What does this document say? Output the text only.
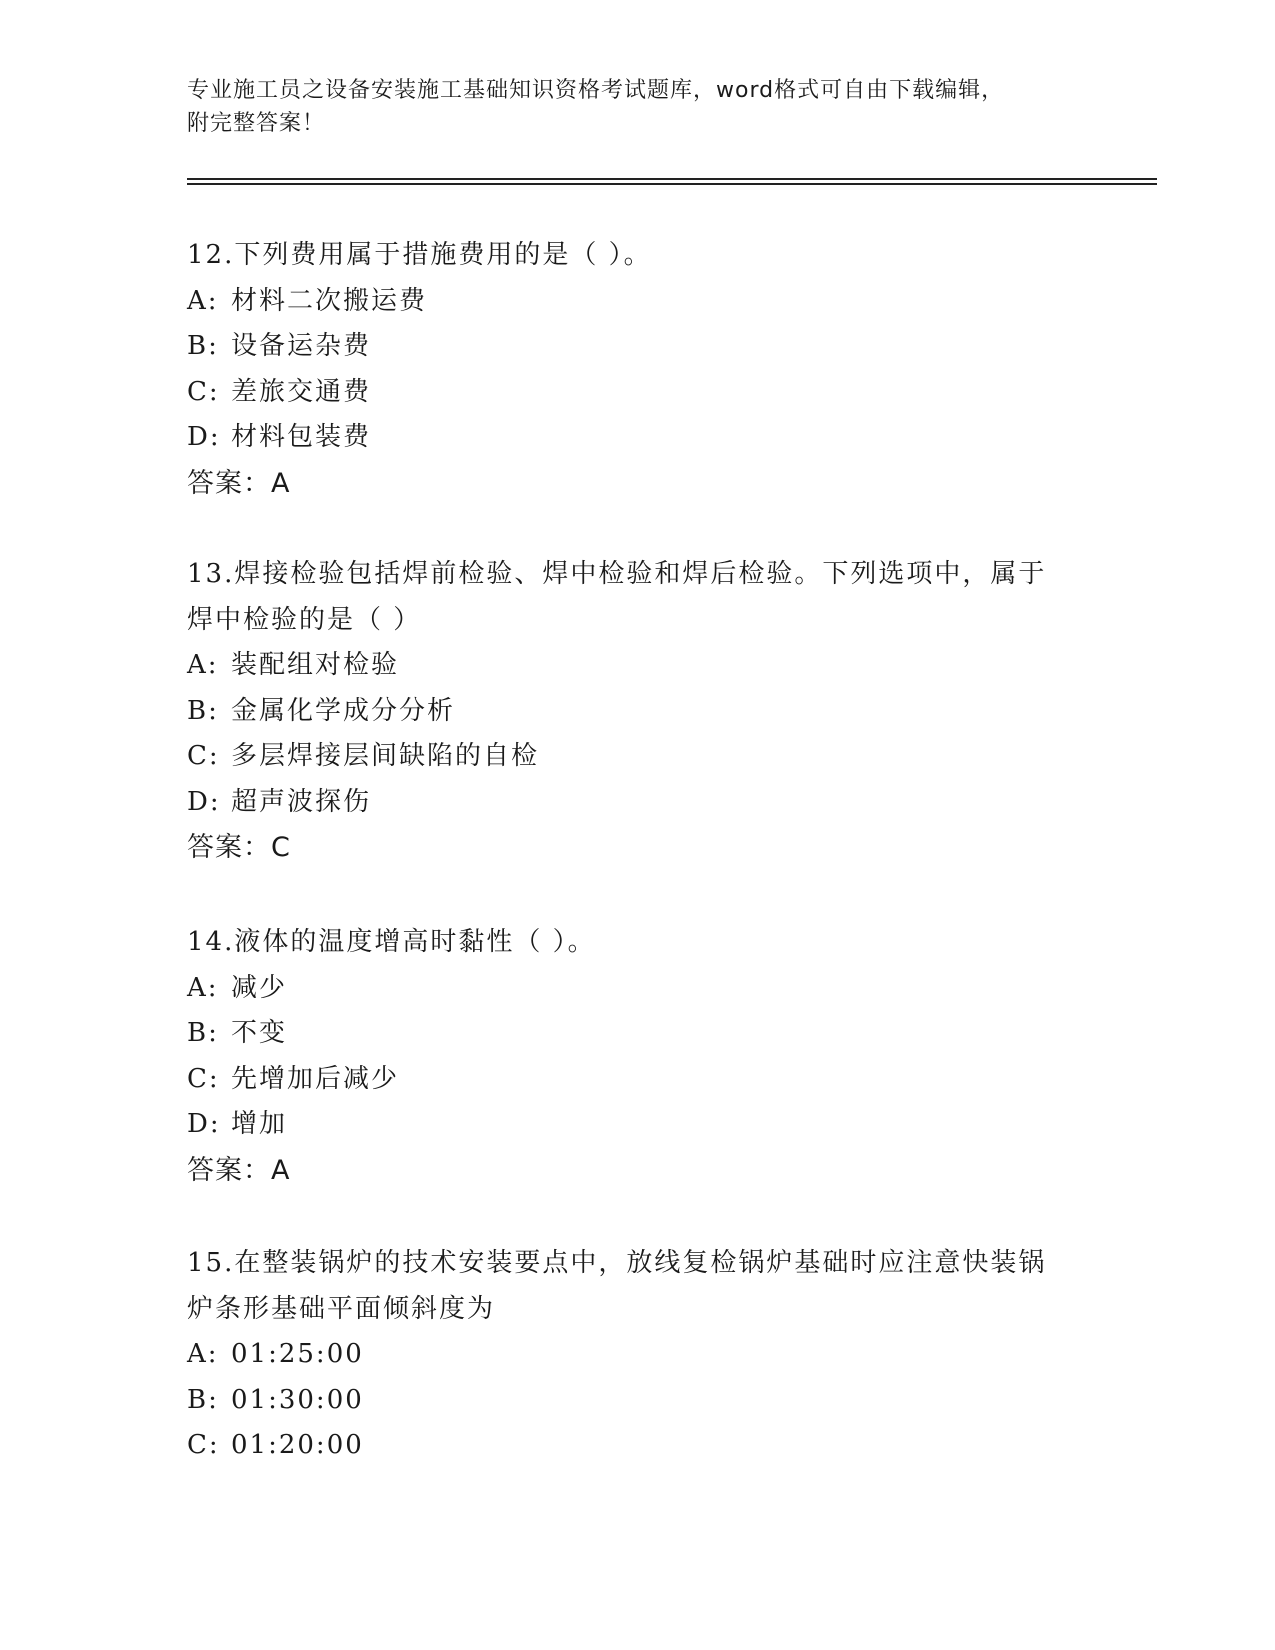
专业施工员之设备安装施工基础知识资格考试题库，word格式可自由下载编辑，
附完整答案！
12.下列费用属于措施费用的是（ ）。
A: 材料二次搬运费
B: 设备运杂费
C: 差旅交通费
D: 材料包装费
答案：A
13.焊接检验包括焊前检验、焊中检验和焊后检验。下列选项中，属于
焊中检验的是（ ）
A: 装配组对检验
B: 金属化学成分分析
C: 多层焊接层间缺陷的自检
D: 超声波探伤
答案：C
14.液体的温度增高时黏性（ ）。
A: 减少
B: 不变
C: 先增加后减少
D: 增加
答案：A
15.在整装锅炉的技术安装要点中，放线复检锅炉基础时应注意快装锅
炉条形基础平面倾斜度为
A: 01:25:00
B: 01:30:00
C: 01:20:00
